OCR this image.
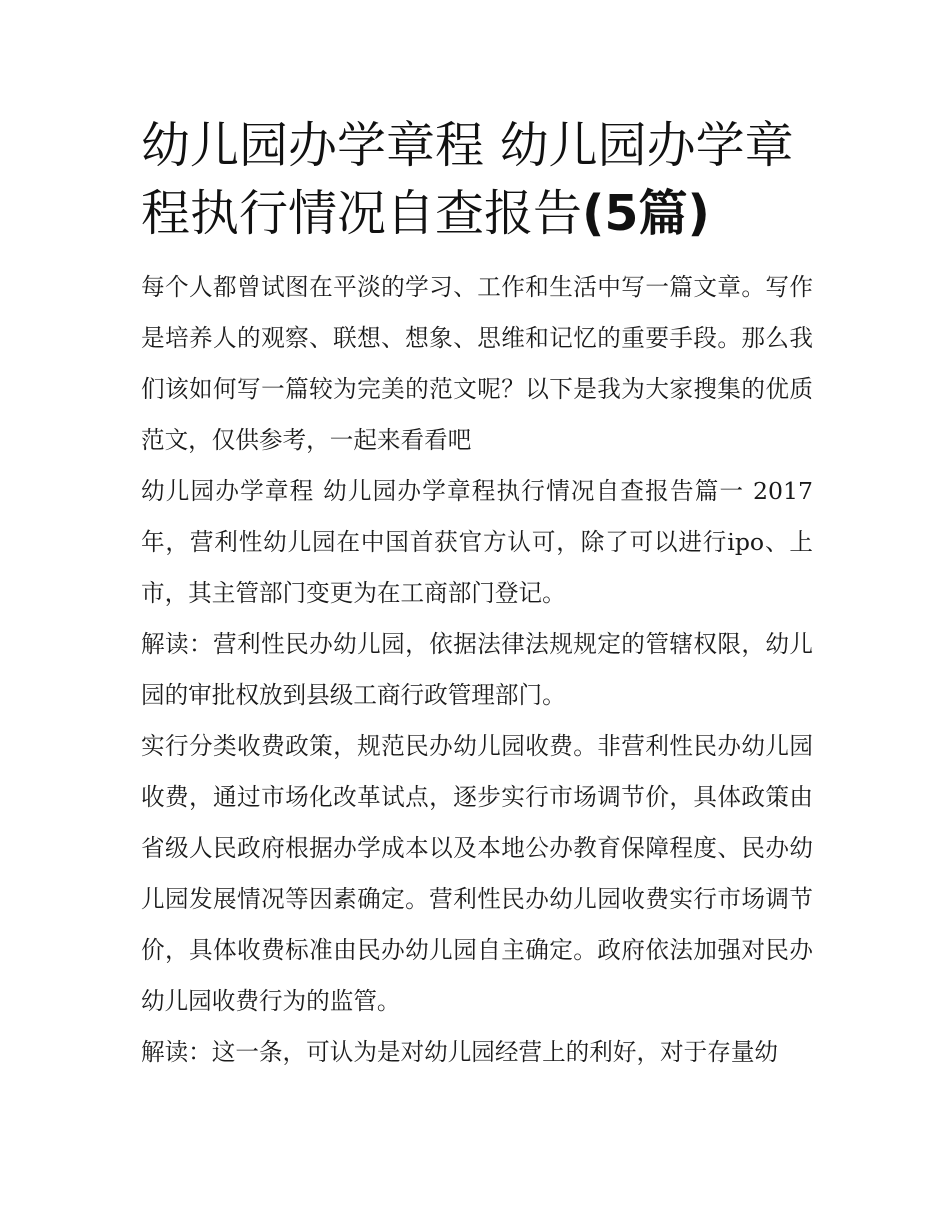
幼儿园办学章程 幼儿园办学章程执行情况自查报告(5篇)

每个人都曾试图在平淡的学习、工作和生活中写一篇文章。写作是培养人的观察、联想、想象、思维和记忆的重要手段。那么我们该如何写一篇较为完美的范文呢？以下是我为大家搜集的优质范文，仅供参考，一起来看看吧

幼儿园办学章程 幼儿园办学章程执行情况自查报告篇一 2017年，营利性幼儿园在中国首获官方认可，除了可以进行ipo、上市，其主管部门变更为在工商部门登记。

解读：营利性民办幼儿园，依据法律法规规定的管辖权限，幼儿园的审批权放到县级工商行政管理部门。

实行分类收费政策，规范民办幼儿园收费。非营利性民办幼儿园收费，通过市场化改革试点，逐步实行市场调节价，具体政策由省级人民政府根据办学成本以及本地公办教育保障程度、民办幼儿园发展情况等因素确定。营利性民办幼儿园收费实行市场调节价，具体收费标准由民办幼儿园自主确定。政府依法加强对民办幼儿园收费行为的监管。

解读：这一条，可认为是对幼儿园经营上的利好，对于存量幼
